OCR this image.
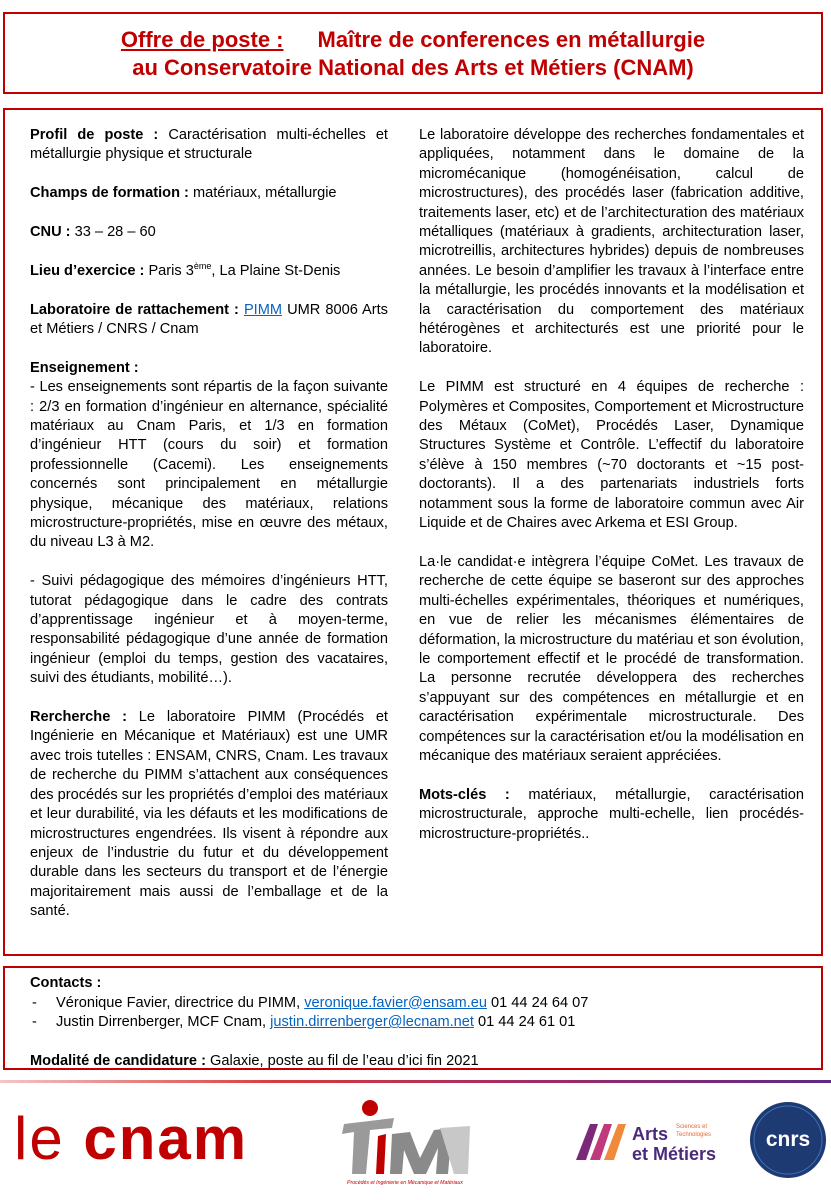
Offre de poste : Maître de conferences en métallurgie
au Conservatoire National des Arts et Métiers (CNAM)

Profil de poste : Caractérisation multi-échelles et métallurgie physique et structurale

Champs de formation : matériaux, métallurgie

CNU : 33 – 28 – 60

Lieu d’exercice : Paris 3ème, La Plaine St-Denis

Laboratoire de rattachement : PIMM UMR 8006 Arts et Métiers / CNRS / Cnam

Enseignement :
- Les enseignements sont répartis de la façon suivante : 2/3 en formation d’ingénieur en alternance, spécialité matériaux au Cnam Paris, et 1/3 en formation d’ingénieur HTT (cours du soir) et formation professionnelle (Cacemi). Les enseignements concernés sont principalement en métallurgie physique, mécanique des matériaux, relations microstructure-propriétés, mise en œuvre des métaux, du niveau L3 à M2.

- Suivi pédagogique des mémoires d’ingénieurs HTT, tutorat pédagogique dans le cadre des contrats d’apprentissage ingénieur et à moyen-terme, responsabilité pédagogique d’une année de formation ingénieur (emploi du temps, gestion des vacataires, suivi des étudiants, mobilité…).

Rercherche : Le laboratoire PIMM (Procédés et Ingénierie en Mécanique et Matériaux) est une UMR avec trois tutelles : ENSAM, CNRS, Cnam. Les travaux de recherche du PIMM s’attachent aux conséquences des procédés sur les propriétés d’emploi des matériaux et leur durabilité, via les défauts et les modifications de microstructures engendrées. Ils visent à répondre aux enjeux de l’industrie du futur et du développement durable dans les secteurs du transport et de l’énergie majoritairement mais aussi de l’emballage et de la santé.

Le laboratoire développe des recherches fondamentales et appliquées, notamment dans le domaine de la micromécanique (homogénéisation, calcul de microstructures), des procédés laser (fabrication additive, traitements laser, etc) et de l’architecturation des matériaux métalliques (matériaux à gradients, architecturation laser, microtreillis, architectures hybrides) depuis de nombreuses années. Le besoin d’amplifier les travaux à l’interface entre la métallurgie, les procédés innovants et la modélisation et la caractérisation du comportement des matériaux hétérogènes et architecturés est une priorité pour le laboratoire.

Le PIMM est structuré en 4 équipes de recherche : Polymères et Composites, Comportement et Microstructure des Métaux (CoMet), Procédés Laser, Dynamique Structures Système et Contrôle. L’effectif du laboratoire s’élève à 150 membres (~70 doctorants et ~15 post-doctorants). Il a des partenariats industriels forts notamment sous la forme de laboratoire commun avec Air Liquide et de Chaires avec Arkema et ESI Group.

La·le candidat·e intègrera l’équipe CoMet. Les travaux de recherche de cette équipe se baseront sur des approches multi-échelles expérimentales, théoriques et numériques, en vue de relier les mécanismes élémentaires de déformation, la microstructure du matériau et son évolution, le comportement effectif et le procédé de transformation. La personne recrutée développera des recherches s’appuyant sur des compétences en métallurgie et en caractérisation expérimentale microstructurale. Des compétences sur la caractérisation et/ou la modélisation en mécanique des matériaux seraient appréciées.

Mots-clés : matériaux, métallurgie, caractérisation microstructurale, approche multi-echelle, lien procédés-microstructure-propriétés..

Contacts :
- Véronique Favier, directrice du PIMM, veronique.favier@ensam.eu 01 44 24 64 07
- Justin Dirrenberger, MCF Cnam, justin.dirrenberger@lecnam.net 01 44 24 61 01
Modalité de candidature : Galaxie, poste au fil de l’eau d’ici fin 2021
le cnam
Procédés et Ingénierie en Mécanique et Matériaux
Arts Sciences et
Technologies
et Métiers
cnrs
